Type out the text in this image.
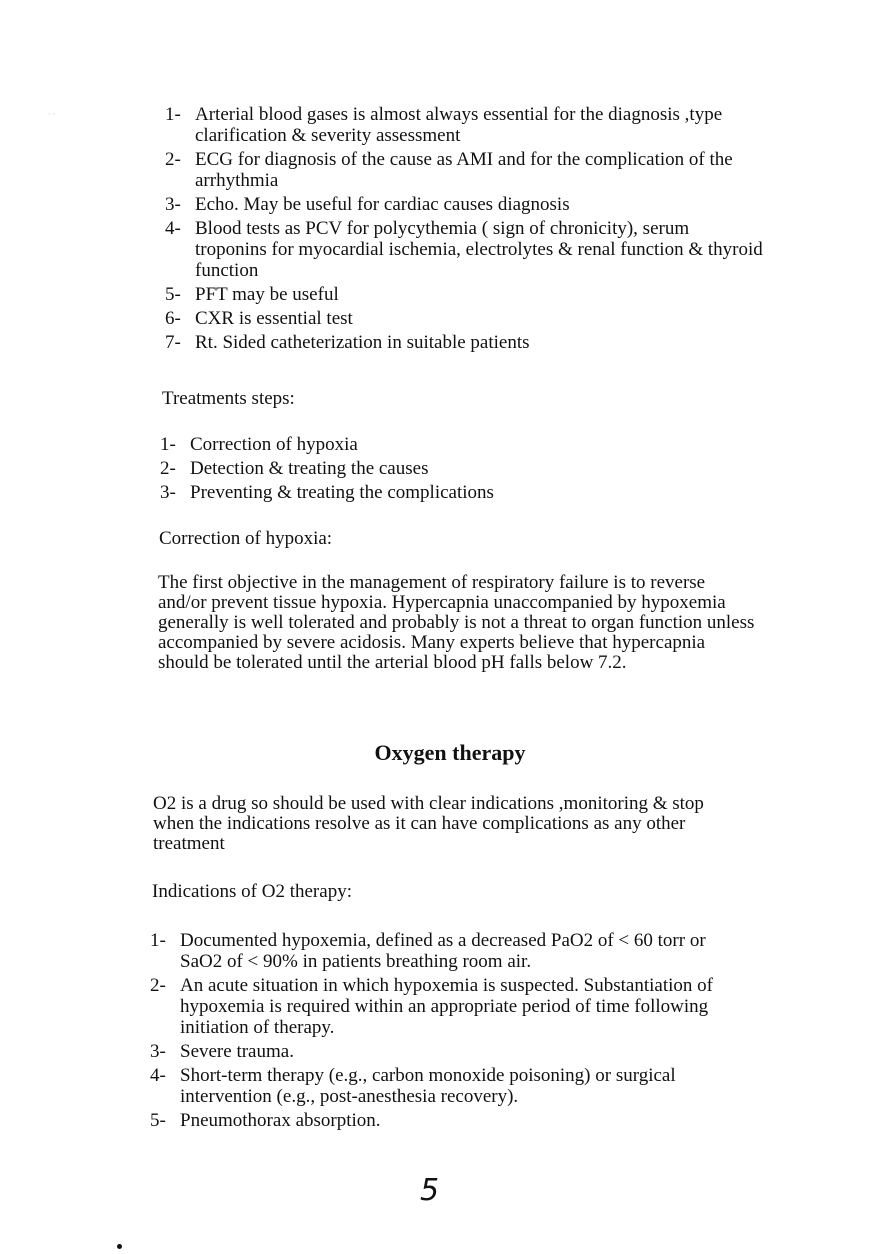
· ·	1- Arterial blood gases is almost always essential for the diagnosis ,type clarification & severity assessment
2- ECG for diagnosis of the cause as AMI and for the complication of the arrhythmia
3- Echo. May be useful for cardiac causes diagnosis
4- Blood tests as PCV for polycythemia ( sign of chronicity), serum troponins for myocardial ischemia, electrolytes & renal function & thyroid function
5- PFT may be useful
6- CXR is essential test
7- Rt. Sided catheterization in suitable patients

Treatments steps:

1- Correction of hypoxia
2- Detection & treating the causes
3- Preventing & treating the complications

Correction of hypoxia:

The first objective in the management of respiratory failure is to reverse and/or prevent tissue hypoxia. Hypercapnia unaccompanied by hypoxemia generally is well tolerated and probably is not a threat to organ function unless accompanied by severe acidosis. Many experts believe that hypercapnia should be tolerated until the arterial blood pH falls below 7.2.

Oxygen therapy

O2 is a drug so should be used with clear indications ,monitoring & stop when the indications resolve as it can have complications as any other treatment

Indications of O2 therapy:

1- Documented hypoxemia, defined as a decreased PaO2 of < 60 torr or SaO2 of < 90% in patients breathing room air.
2- An acute situation in which hypoxemia is suspected. Substantiation of hypoxemia is required within an appropriate period of time following initiation of therapy.
3- Severe trauma.
4- Short-term therapy (e.g., carbon monoxide poisoning) or surgical intervention (e.g., post-anesthesia recovery).
5- Pneumothorax absorption.
5
